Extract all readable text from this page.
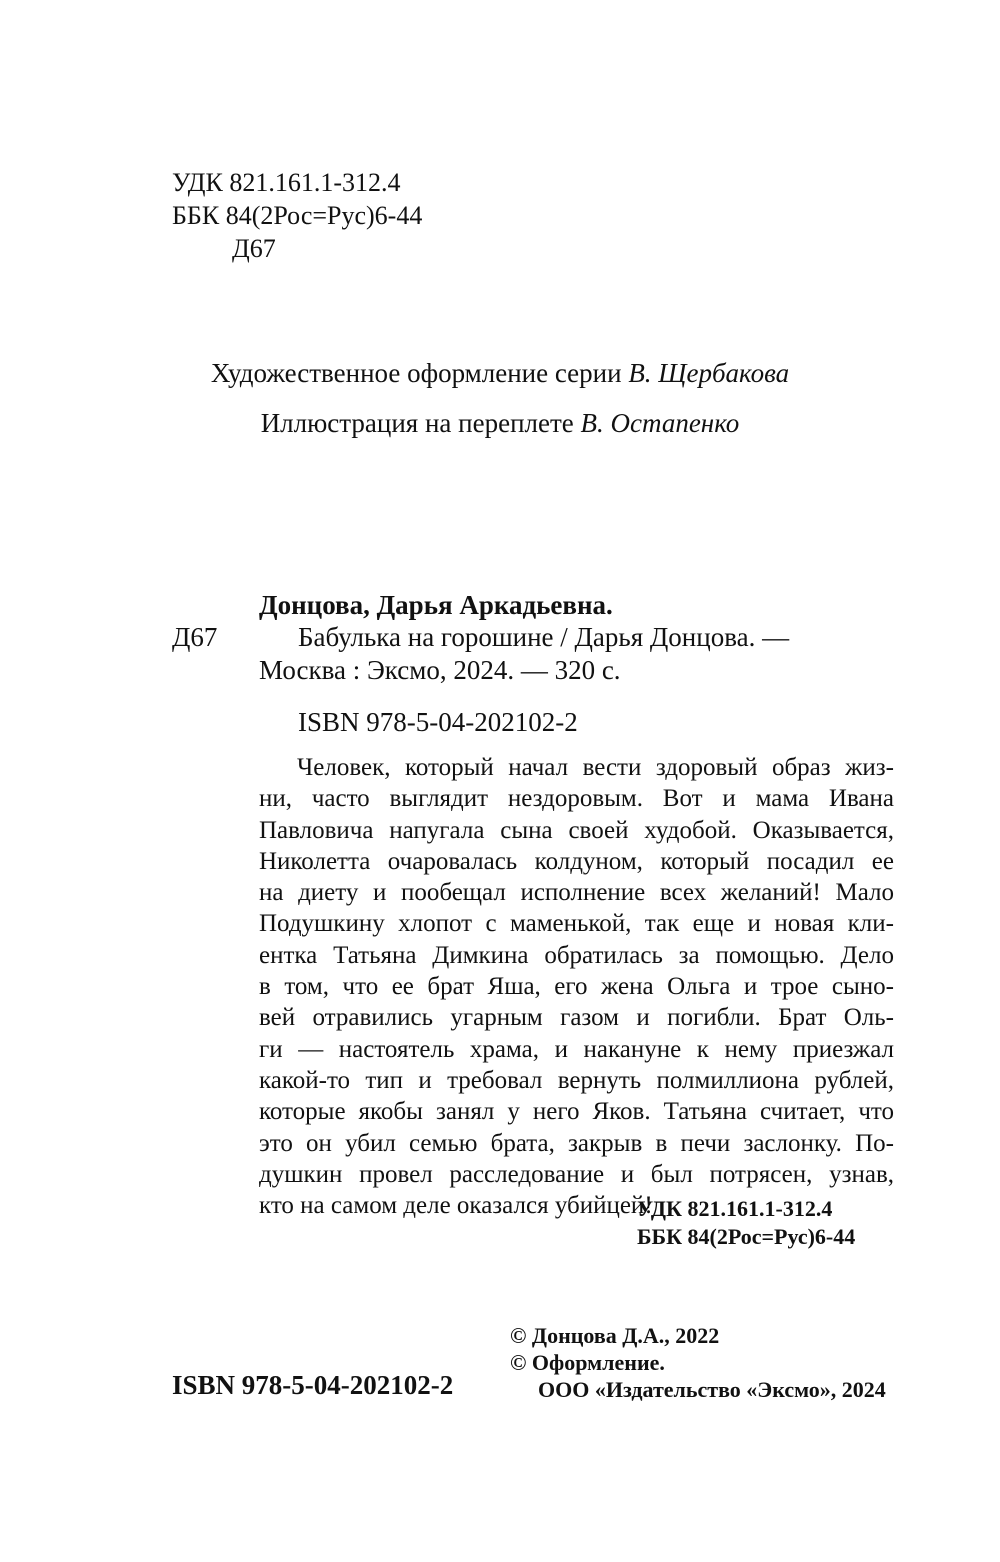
УДК 821.161.1-312.4
ББК 84(2Рос=Рус)6-44
Д67
Художественное оформление серии В. Щербакова
Иллюстрация на переплете В. Остапенко
Донцова, Дарья Аркадьевна.
Д67	Бабулька на горошине / Дарья Донцова. —
Москва : Эксмо, 2024. — 320 с.
ISBN 978-5-04-202102-2
Человек, который начал вести здоровый образ жиз-
ни, часто выглядит нездоровым. Вот и мама Ивана
Павловича напугала сына своей худобой. Оказывается,
Николетта очаровалась колдуном, который посадил ее
на диету и пообещал исполнение всех желаний! Мало
Подушкину хлопот с маменькой, так еще и новая кли-
ентка Татьяна Димкина обратилась за помощью. Дело
в том, что ее брат Яша, его жена Ольга и трое сыно-
вей отравились угарным газом и погибли. Брат Оль-
ги — настоятель храма, и накануне к нему приезжал
какой-то тип и требовал вернуть полмиллиона рублей,
которые якобы занял у него Яков. Татьяна считает, что
это он убил семью брата, закрыв в печи заслонку. По-
душкин провел расследование и был потрясен, узнав,
кто на самом деле оказался убийцей!
УДК 821.161.1-312.4
ББК 84(2Рос=Рус)6-44
© Донцова Д.А., 2022
© Оформление.
ООО «Издательство «Эксмо», 2024
ISBN 978-5-04-202102-2
